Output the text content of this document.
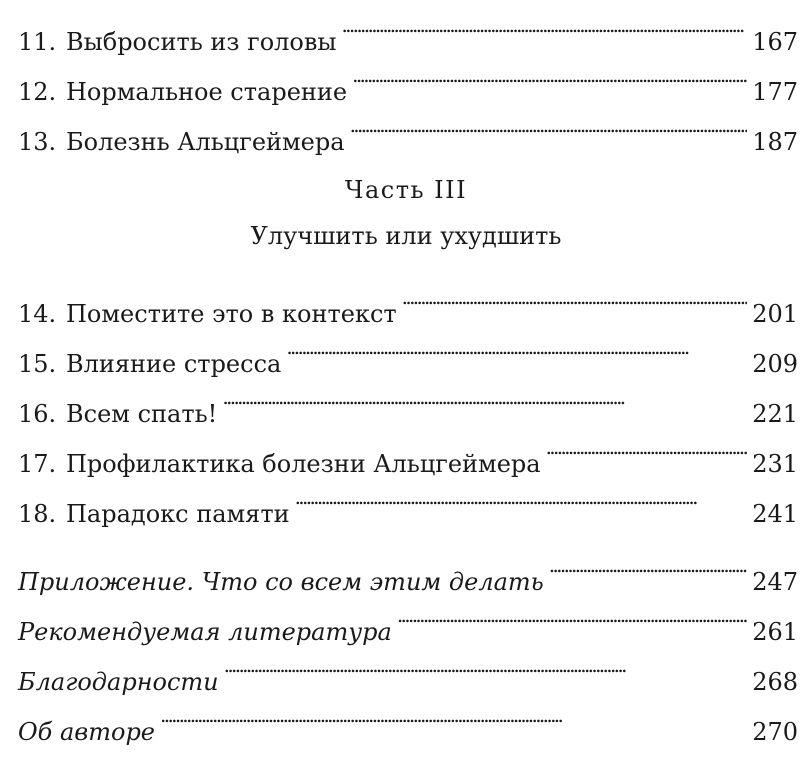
11. Выбросить из головы . . .	167
12. Нормальное старение . . .	177
13. Болезнь Альцгеймера . . .	187
14. Поместите это в контекст . . .	201
15. Влияние стресса . . .	209
16. Всем спать! . . .	221
17. Профилактика болезни Альцгеймера . . .	231
18. Парадокс памяти . . .	241
Приложение. Что со всем этим делать . . .	247
Рекомендуемая литература . . .	261
Благодарности . . .	268
Об авторе . . .	270
Часть III
Улучшить или ухудшить
